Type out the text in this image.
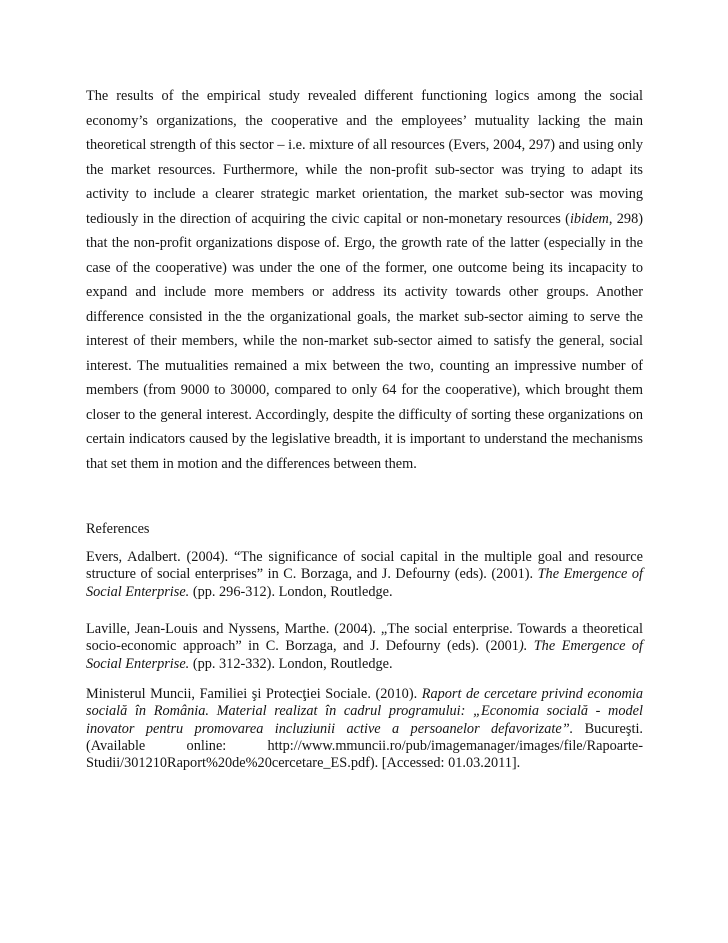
The results of the empirical study revealed different functioning logics among the social economy’s organizations, the cooperative and the employees’ mutuality lacking the main theoretical strength of this sector – i.e. mixture of all resources (Evers, 2004, 297) and using only the market resources. Furthermore, while the non-profit sub-sector was trying to adapt its activity to include a clearer strategic market orientation, the market sub-sector was moving tediously in the direction of acquiring the civic capital or non-monetary resources (ibidem, 298) that the non-profit organizations dispose of. Ergo, the growth rate of the latter (especially in the case of the cooperative) was under the one of the former, one outcome being its incapacity to expand and include more members or address its activity towards other groups. Another difference consisted in the the organizational goals, the market sub-sector aiming to serve the interest of their members, while the non-market sub-sector aimed to satisfy the general, social interest. The mutualities remained a mix between the two, counting an impressive number of members (from 9000 to 30000, compared to only 64 for the cooperative), which brought them closer to the general interest. Accordingly, despite the difficulty of sorting these organizations on certain indicators caused by the legislative breadth, it is important to understand the mechanisms that set them in motion and the differences between them.

References

Evers, Adalbert. (2004). “The significance of social capital in the multiple goal and resource structure of social enterprises” in C. Borzaga, and J. Defourny (eds). (2001). The Emergence of Social Enterprise. (pp. 296-312). London, Routledge.

Laville, Jean-Louis and Nyssens, Marthe. (2004). „The social enterprise. Towards a theoretical socio-economic approach” in C. Borzaga, and J. Defourny (eds). (2001). The Emergence of Social Enterprise. (pp. 312-332). London, Routledge.

Ministerul Muncii, Familiei şi Protecţiei Sociale. (2010). Raport de cercetare privind economia socială în România. Material realizat în cadrul programului: „Economia socială - model inovator pentru promovarea incluziunii active a persoanelor defavorizate”. Bucureşti. (Available online: http://www.mmuncii.ro/pub/imagemanager/images/file/Rapoarte-Studii/301210Raport%20de%20cercetare_ES.pdf). [Accessed: 01.03.2011].
